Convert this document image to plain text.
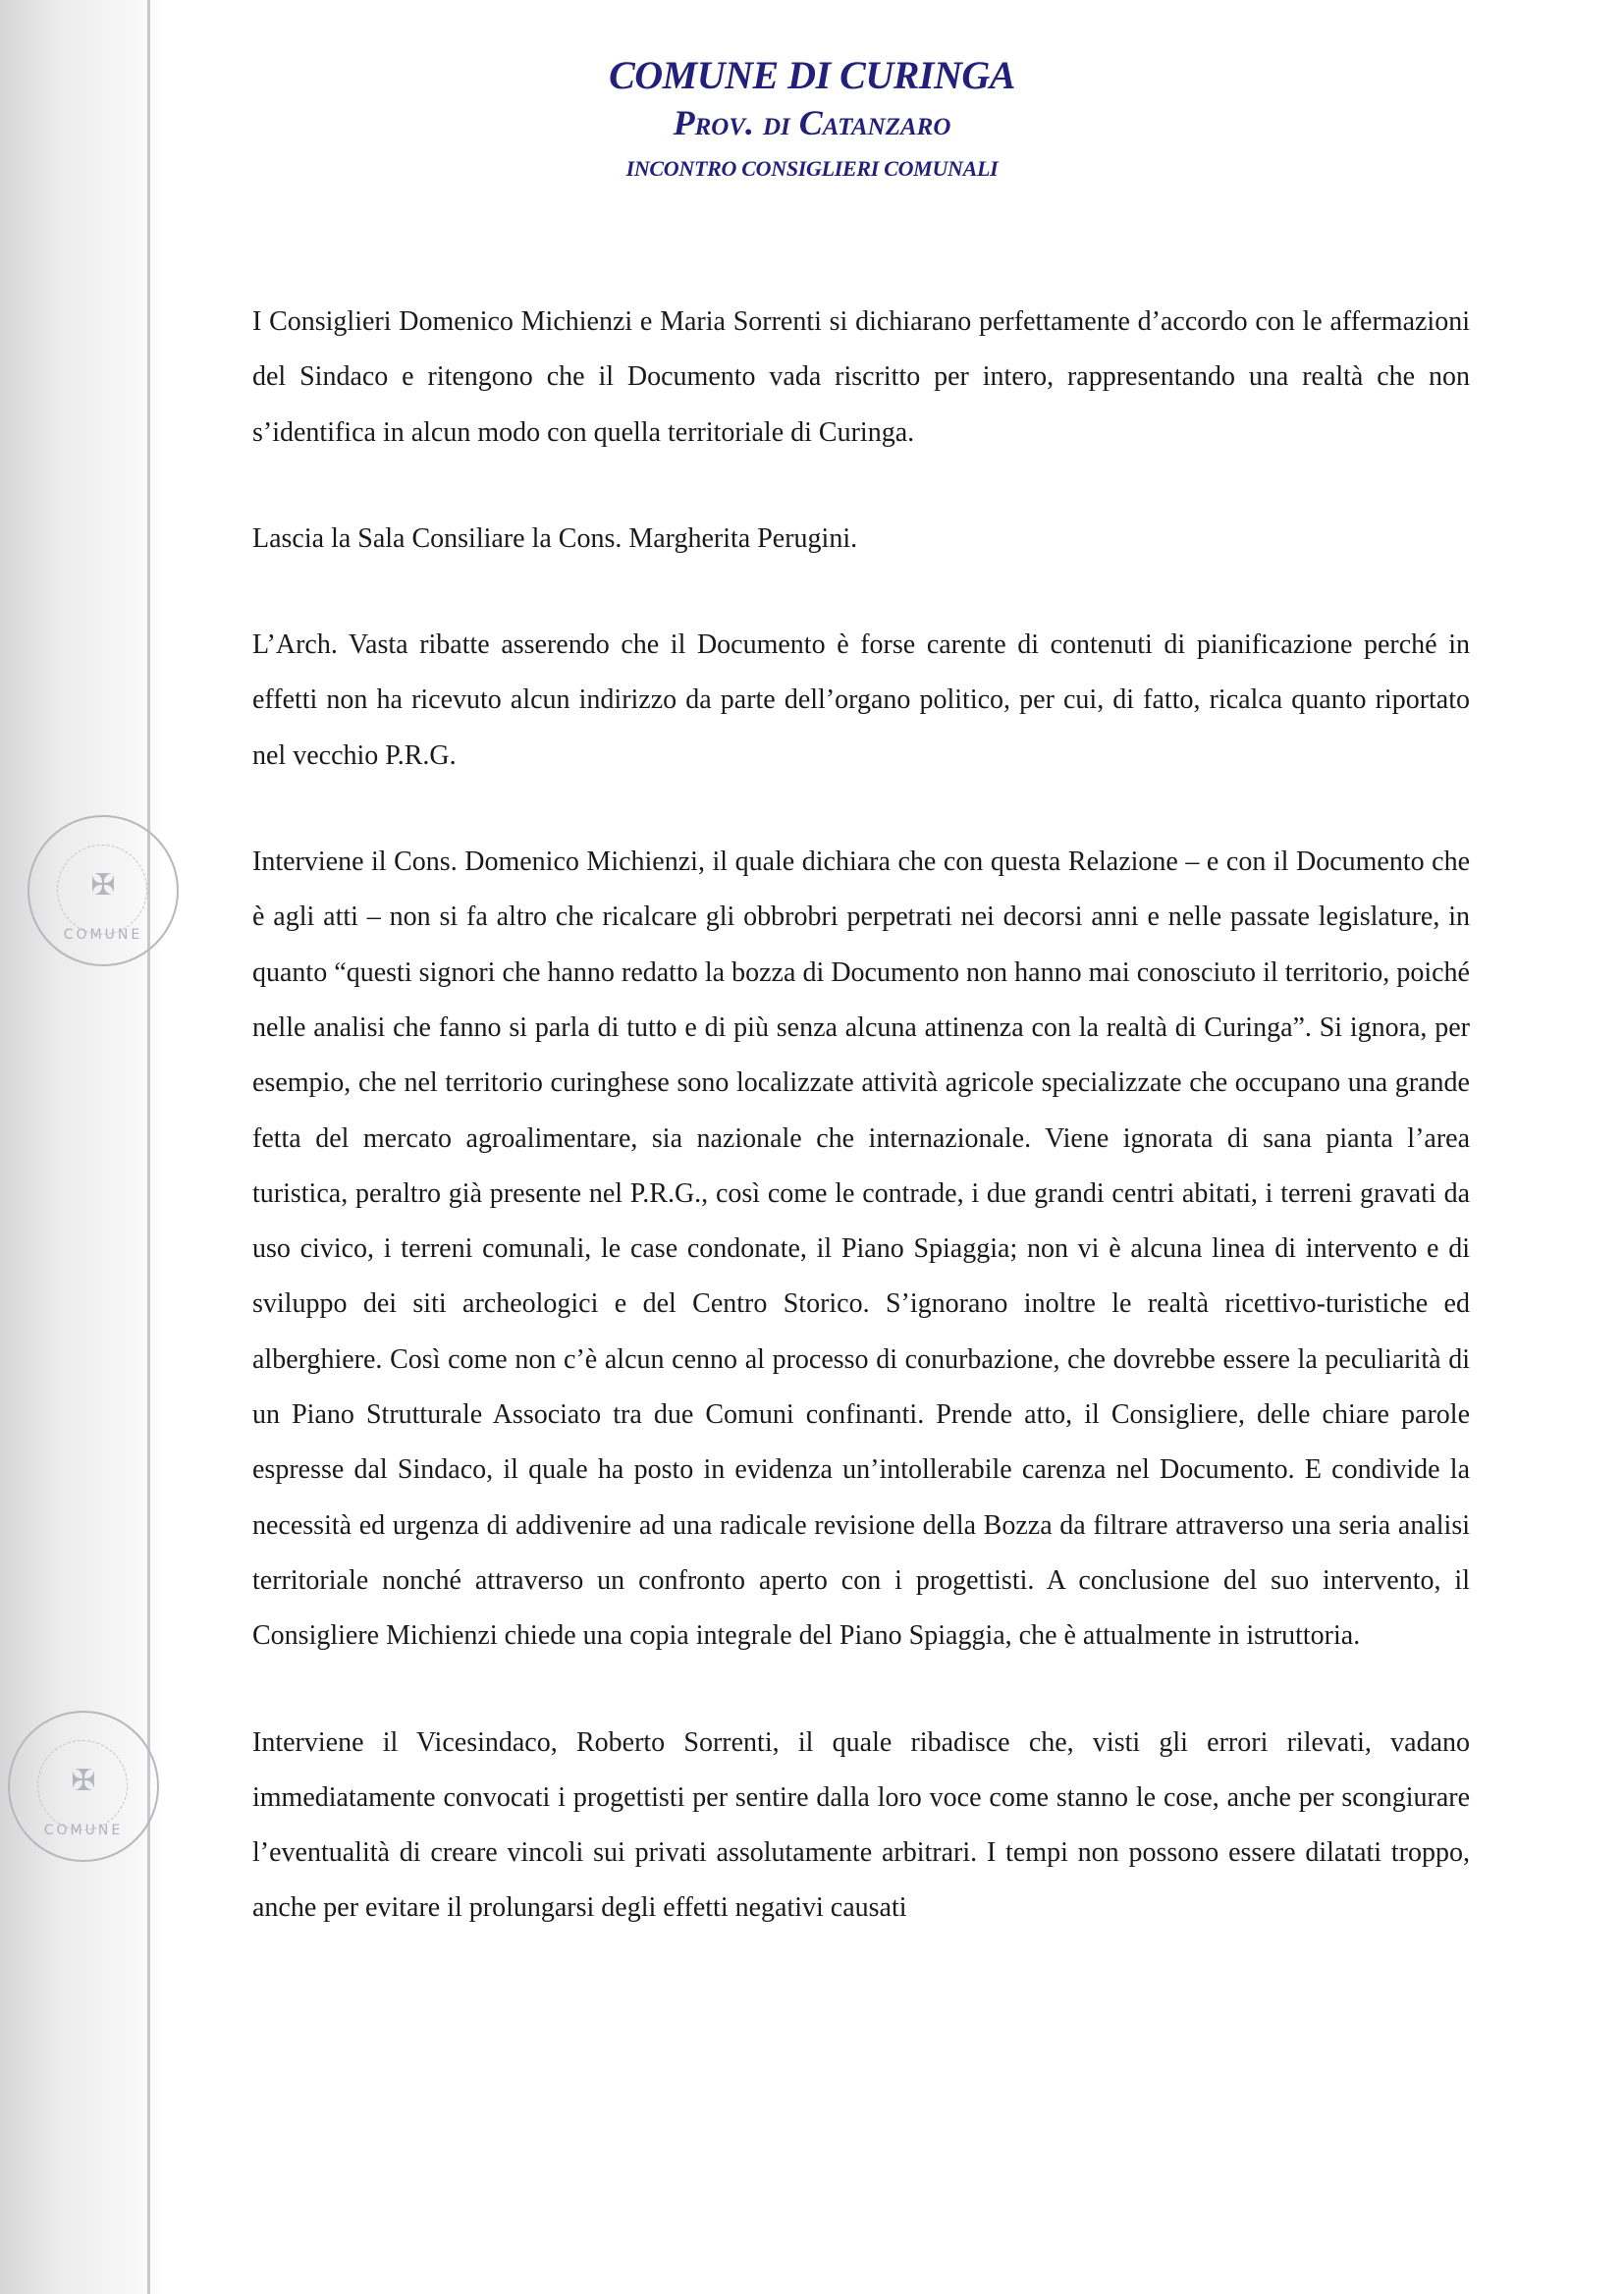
COMUNE DI CURINGA
Prov. di Catanzaro
INCONTRO CONSIGLIERI COMUNALI
✠
COMUNE
✠
COMUNE

I Consiglieri Domenico Michienzi e Maria Sorrenti si dichiarano perfettamente d’accordo con le affermazioni del Sindaco e ritengono che il Documento vada riscritto per intero, rappresentando una realtà che non s’identifica in alcun modo con quella territoriale di Curinga.

Lascia la Sala Consiliare la Cons. Margherita Perugini.

L’Arch. Vasta ribatte asserendo che il Documento è forse carente di contenuti di pianificazione perché in effetti non ha ricevuto alcun indirizzo da parte dell’organo politico, per cui, di fatto, ricalca quanto riportato nel vecchio P.R.G.

Interviene il Cons. Domenico Michienzi, il quale dichiara che con questa Relazione – e con il Documento che è agli atti – non si fa altro che ricalcare gli obbrobri perpetrati nei decorsi anni e nelle passate legislature, in quanto “questi signori che hanno redatto la bozza di Documento non hanno mai conosciuto il territorio, poiché nelle analisi che fanno si parla di tutto e di più senza alcuna attinenza con la realtà di Curinga”. Si ignora, per esempio, che nel territorio curinghese sono localizzate attività agricole specializzate che occupano una grande fetta del mercato agroalimentare, sia nazionale che internazionale. Viene ignorata di sana pianta l’area turistica, peraltro già presente nel P.R.G., così come le contrade, i due grandi centri abitati, i terreni gravati da uso civico, i terreni comunali, le case condonate, il Piano Spiaggia; non vi è alcuna linea di intervento e di sviluppo dei siti archeologici e del Centro Storico. S’ignorano inoltre le realtà ricettivo-turistiche ed alberghiere. Così come non c’è alcun cenno al processo di conurbazione, che dovrebbe essere la peculiarità di un Piano Strutturale Associato tra due Comuni confinanti. Prende atto, il Consigliere, delle chiare parole espresse dal Sindaco, il quale ha posto in evidenza un’intollerabile carenza nel Documento. E condivide la necessità ed urgenza di addivenire ad una radicale revisione della Bozza da filtrare attraverso una seria analisi territoriale nonché attraverso un confronto aperto con i progettisti. A conclusione del suo intervento, il Consigliere Michienzi chiede una copia integrale del Piano Spiaggia, che è attualmente in istruttoria.

Interviene il Vicesindaco, Roberto Sorrenti, il quale ribadisce che, visti gli errori rilevati, vadano immediatamente convocati i progettisti per sentire dalla loro voce come stanno le cose, anche per scongiurare l’eventualità di creare vincoli sui privati assolutamente arbitrari. I tempi non possono essere dilatati troppo, anche per evitare il prolungarsi degli effetti negativi causati
